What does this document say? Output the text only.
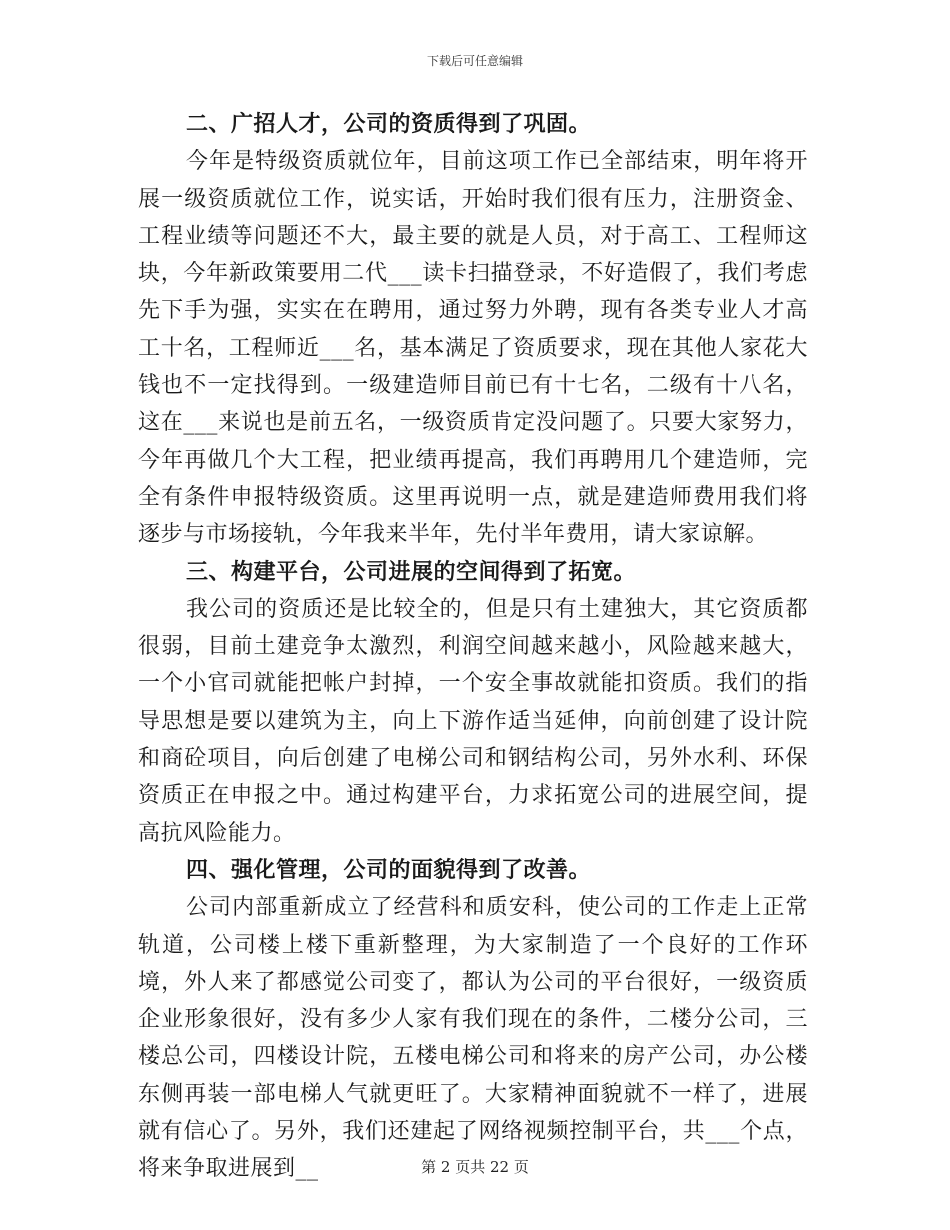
下载后可任意编辑

二、广招人才，公司的资质得到了巩固。

今年是特级资质就位年，目前这项工作已全部结束，明年将开展一级资质就位工作，说实话，开始时我们很有压力，注册资金、工程业绩等问题还不大，最主要的就是人员，对于高工、工程师这块，今年新政策要用二代___读卡扫描登录，不好造假了，我们考虑先下手为强，实实在在聘用，通过努力外聘，现有各类专业人才高工十名，工程师近___名，基本满足了资质要求，现在其他人家花大钱也不一定找得到。一级建造师目前已有十七名，二级有十八名，这在___来说也是前五名，一级资质肯定没问题了。只要大家努力，今年再做几个大工程，把业绩再提高，我们再聘用几个建造师，完全有条件申报特级资质。这里再说明一点，就是建造师费用我们将逐步与市场接轨，今年我来半年，先付半年费用，请大家谅解。

三、构建平台，公司进展的空间得到了拓宽。

我公司的资质还是比较全的，但是只有土建独大，其它资质都很弱，目前土建竞争太激烈，利润空间越来越小，风险越来越大，一个小官司就能把帐户封掉，一个安全事故就能扣资质。我们的指导思想是要以建筑为主，向上下游作适当延伸，向前创建了设计院和商砼项目，向后创建了电梯公司和钢结构公司，另外水利、环保资质正在申报之中。通过构建平台，力求拓宽公司的进展空间，提高抗风险能力。

四、强化管理，公司的面貌得到了改善。

公司内部重新成立了经营科和质安科，使公司的工作走上正常轨道，公司楼上楼下重新整理，为大家制造了一个良好的工作环境，外人来了都感觉公司变了，都认为公司的平台很好，一级资质企业形象很好，没有多少人家有我们现在的条件，二楼分公司，三楼总公司，四楼设计院，五楼电梯公司和将来的房产公司，办公楼东侧再装一部电梯人气就更旺了。大家精神面貌就不一样了，进展就有信心了。另外，我们还建起了网络视频控制平台，共___个点，将来争取进展到__	第 2 页共 22 页
